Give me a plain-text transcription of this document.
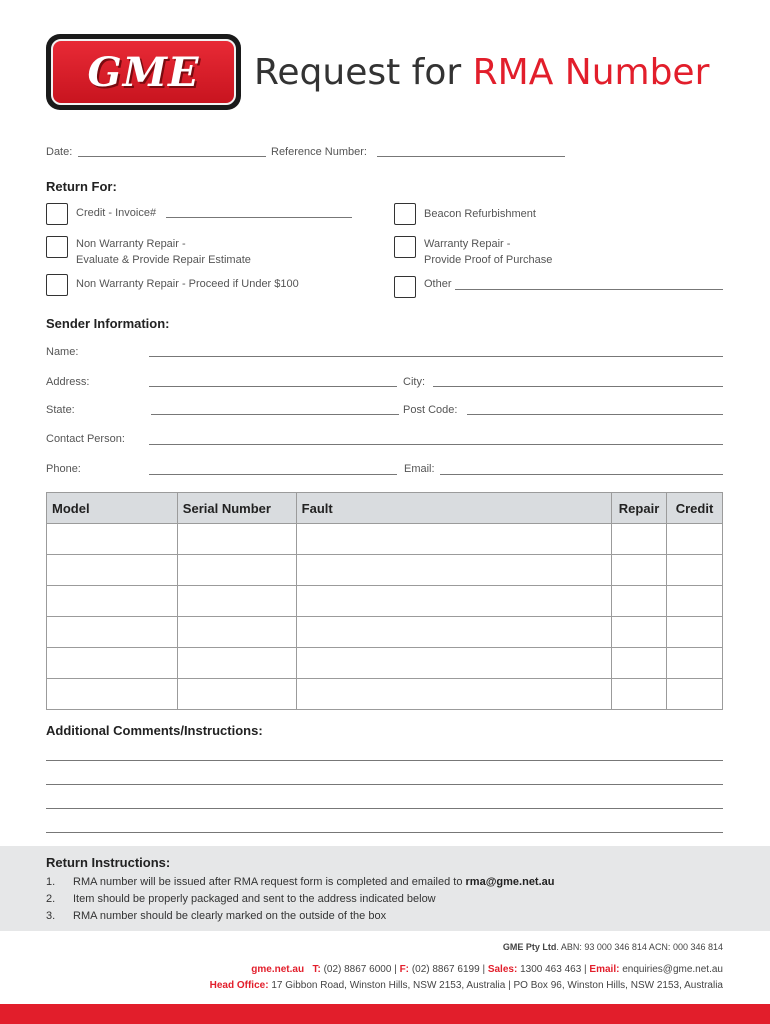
GME Request for RMA Number
Date:	Reference Number:
Return For:
Credit - Invoice#	Beacon Refurbishment
Non Warranty Repair -
Evaluate & Provide Repair Estimate
Warranty Repair -
Provide Proof of Purchase
Non Warranty Repair - Proceed if Under $100	Other
Sender Information:
Name:
Address:	City:
State:	Post Code:
Contact Person:
Phone:	Email:
Model	Serial Number	Fault	Repair	Credit

Additional Comments/Instructions:
Return Instructions:
1. RMA number will be issued after RMA request form is completed and emailed to rma@gme.net.au
2. Item should be properly packaged and sent to the address indicated below
3. RMA number should be clearly marked on the outside of the box
GME Pty Ltd. ABN: 93 000 346 814 ACN: 000 346 814
gme.net.au T: (02) 8867 6000 | F: (02) 8867 6199 | Sales: 1300 463 463 | Email: enquiries@gme.net.au
Head Office: 17 Gibbon Road, Winston Hills, NSW 2153, Australia | PO Box 96, Winston Hills, NSW 2153, Australia
